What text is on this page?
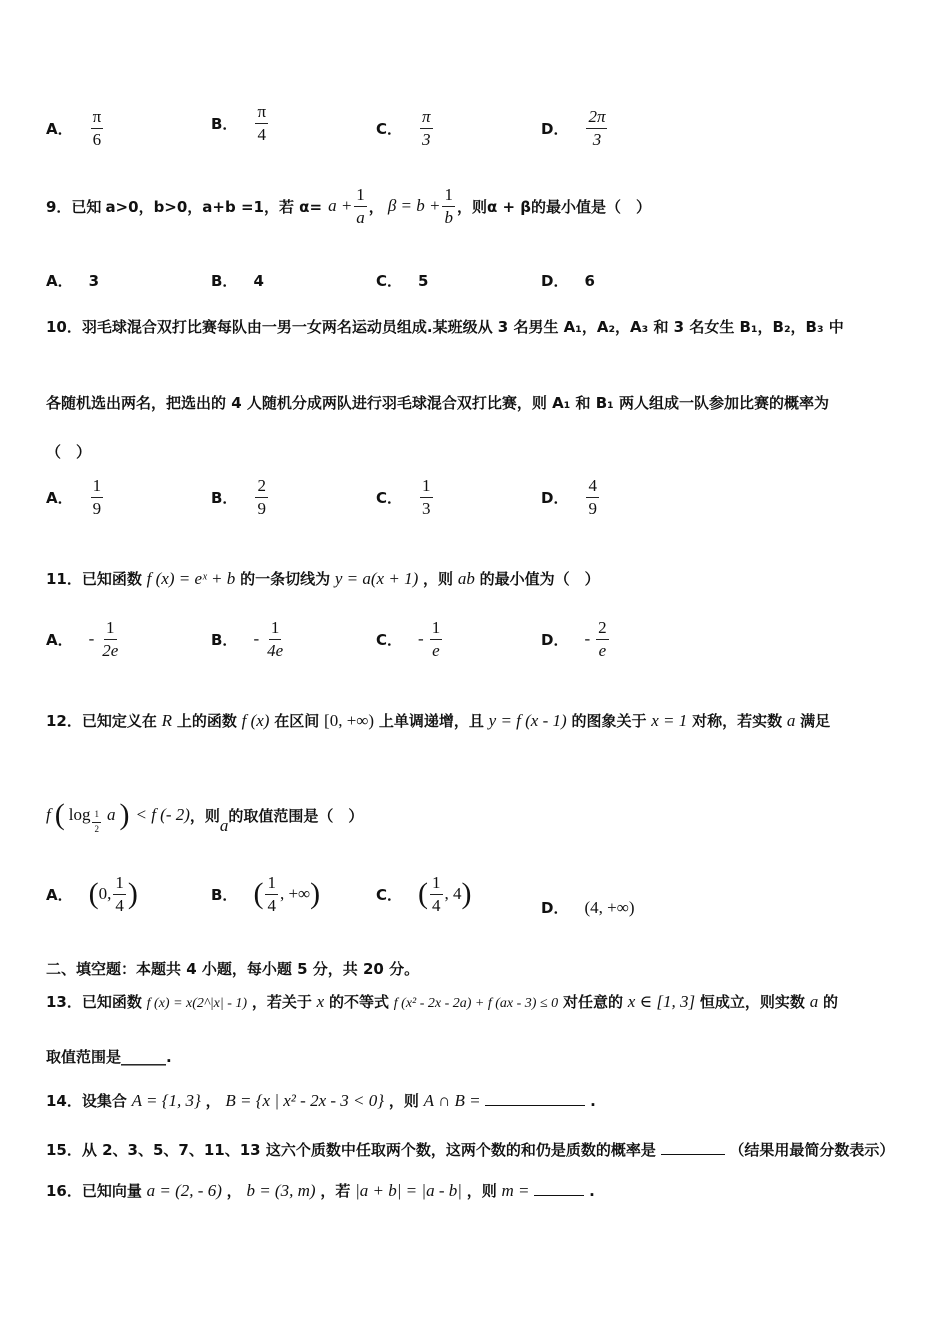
A． $\frac{\pi}{6}$	B． $\frac{\pi}{4}$	C． $\frac{\pi}{3}$	D． $\frac{2\pi}{3}$
9．已知 a>0，b>0，a+b =1，若 $\alpha= a + \frac{1}{a}$ ， $\beta = b + \frac{1}{b}$ ，则α + β的最小值是（　）
A． 3	B． 4	C． 5	D． 6
10．羽毛球混合双打比赛每队由一男一女两名运动员组成.某班级从 3 名男生 A₁，A₂，A₃ 和 3 名女生 B₁，B₂，B₃ 中
各随机选出两名，把选出的 4 人随机分成两队进行羽毛球混合双打比赛，则 A₁ 和 B₁ 两人组成一队参加比赛的概率为
（　）
A． $\frac{1}{9}$	B． $\frac{2}{9}$	C． $\frac{1}{3}$	D． $\frac{4}{9}$
11．已知函数 f (x) = eˣ + b 的一条切线为 y = a(x + 1) ，则 ab 的最小值为（　）
A． - $\frac{1}{2e}$	B． - $\frac{1}{4e}$	C． - $\frac{1}{e}$	D． - $\frac{2}{e}$
12．已知定义在 R 上的函数 f (x) 在区间 [0, +∞) 上单调递增，且 y = f (x - 1) 的图象关于 x = 1 对称，若实数 a 满足
f ( $\log \frac{1}{2}$ a ) < f (- 2) ，则
a
的取值范围是（　）
A． ( 0, $\frac{1}{4}$ )	B． ( $\frac{1}{4}$ , +∞ )	C． ( $\frac{1}{4}$ , 4 )	D． (4, +∞)
二、填空题：本题共 4 小题，每小题 5 分，共 20 分。
13．已知函数 f (x) = x(2^|x| - 1) ，若关于 x 的不等式 f (x² - 2x - 2a) + f (ax - 3) ≤ 0 对任意的 x ∈ [1, 3] 恒成立，则实数 a 的
取值范围是______.
14．设集合 A = {1, 3} ， B = {x | x² - 2x - 3 < 0} ，则 A ∩ B =	.
15．从 2、3、5、7、11、13 这六个质数中任取两个数，这两个数的和仍是质数的概率是	（结果用最简分数表示）
16．已知向量 a = (2, - 6) ， b = (3, m) ，若 |a + b| = |a - b| ，则 m =	.
